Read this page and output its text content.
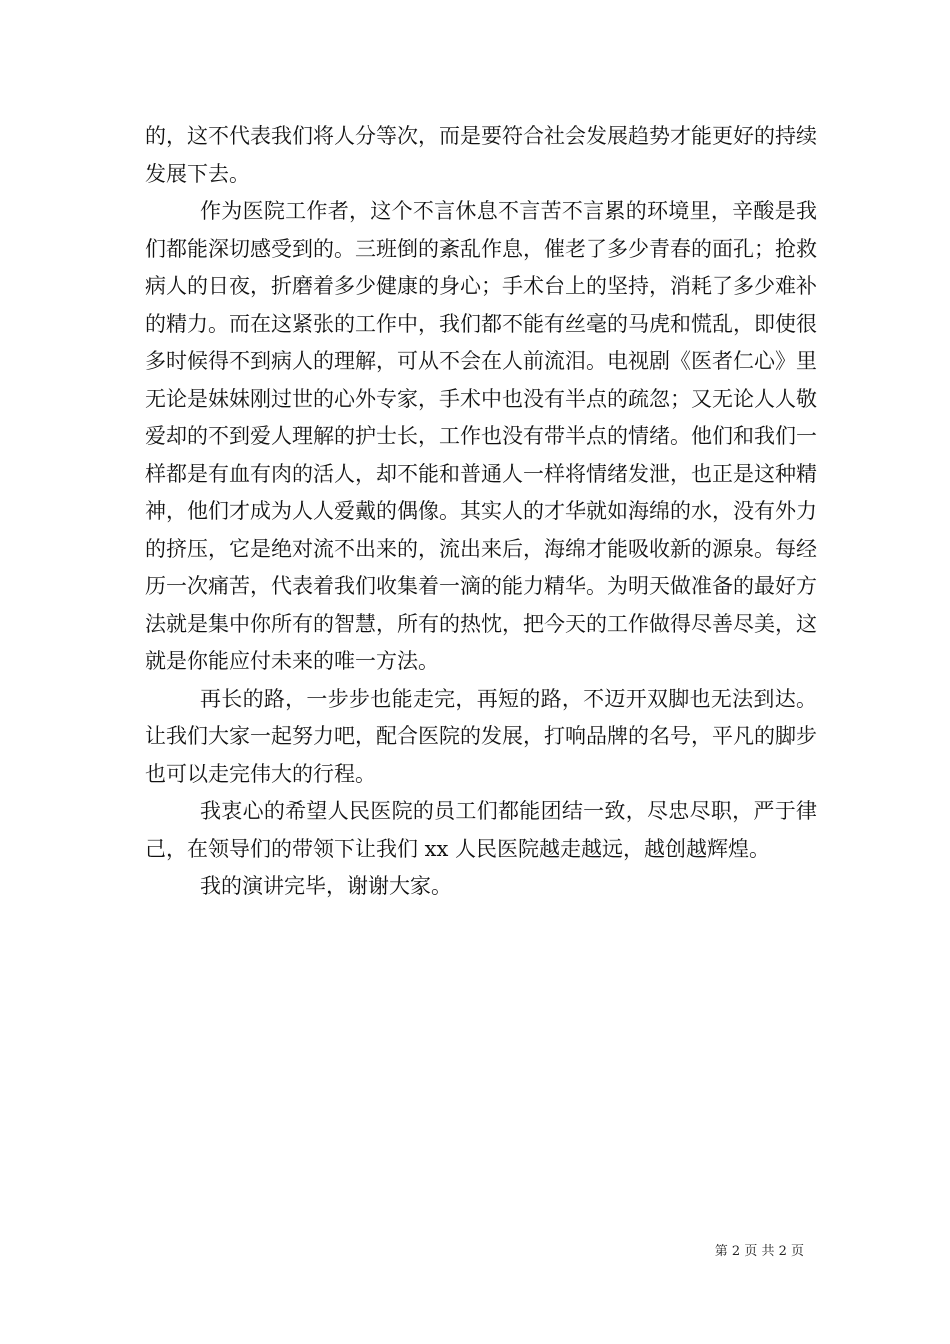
的，这不代表我们将人分等次，而是要符合社会发展趋势才能更好的持续发展下去。

作为医院工作者，这个不言休息不言苦不言累的环境里，辛酸是我们都能深切感受到的。三班倒的紊乱作息，催老了多少青春的面孔；抢救病人的日夜，折磨着多少健康的身心；手术台上的坚持，消耗了多少难补的精力。而在这紧张的工作中，我们都不能有丝毫的马虎和慌乱，即使很多时候得不到病人的理解，可从不会在人前流泪。电视剧《医者仁心》里无论是妹妹刚过世的心外专家，手术中也没有半点的疏忽；又无论人人敬爱却的不到爱人理解的护士长，工作也没有带半点的情绪。他们和我们一样都是有血有肉的活人，却不能和普通人一样将情绪发泄，也正是这种精神，他们才成为人人爱戴的偶像。其实人的才华就如海绵的水，没有外力的挤压，它是绝对流不出来的，流出来后，海绵才能吸收新的源泉。每经历一次痛苦，代表着我们收集着一滴的能力精华。为明天做准备的最好方法就是集中你所有的智慧，所有的热忱，把今天的工作做得尽善尽美，这就是你能应付未来的唯一方法。

再长的路，一步步也能走完，再短的路，不迈开双脚也无法到达。让我们大家一起努力吧，配合医院的发展，打响品牌的名号，平凡的脚步也可以走完伟大的行程。

我衷心的希望人民医院的员工们都能团结一致，尽忠尽职，严于律己，在领导们的带领下让我们 xx 人民医院越走越远，越创越辉煌。

我的演讲完毕，谢谢大家。

第 2 页 共 2 页
